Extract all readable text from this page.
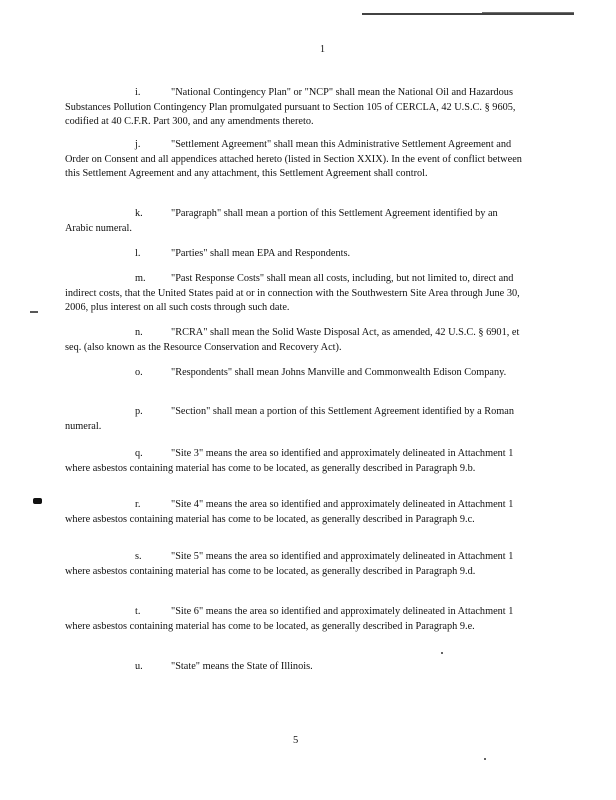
1

i.	"National Contingency Plan" or "NCP" shall mean the National Oil and Hazardous Substances Pollution Contingency Plan promulgated pursuant to Section 105 of CERCLA, 42 U.S.C. § 9605, codified at 40 C.F.R. Part 300, and any amendments thereto.

j.	"Settlement Agreement" shall mean this Administrative Settlement Agreement and Order on Consent and all appendices attached hereto (listed in Section XXIX). In the event of conflict between this Settlement Agreement and any attachment, this Settlement Agreement shall control.

k.	"Paragraph" shall mean a portion of this Settlement Agreement identified by an Arabic numeral.

l.	"Parties" shall mean EPA and Respondents.

m. "Past Response Costs" shall mean all costs, including, but not limited to, direct and indirect costs, that the United States paid at or in connection with the Southwestern Site Area through June 30, 2006, plus interest on all such costs through such date.

n.	"RCRA" shall mean the Solid Waste Disposal Act, as amended, 42 U.S.C. § 6901, et seq. (also known as the Resource Conservation and Recovery Act).

o.	"Respondents" shall mean Johns Manville and Commonwealth Edison Company.

p.	"Section" shall mean a portion of this Settlement Agreement identified by a Roman numeral.

q.	"Site 3" means the area so identified and approximately delineated in Attachment 1 where asbestos containing material has come to be located, as generally described in Paragraph 9.b.

r.	"Site 4" means the area so identified and approximately delineated in Attachment 1 where asbestos containing material has come to be located, as generally described in Paragraph 9.c.

s.	"Site 5" means the area so identified and approximately delineated in Attachment 1 where asbestos containing material has come to be located, as generally described in Paragraph 9.d.

t.	"Site 6" means the area so identified and approximately delineated in Attachment 1 where asbestos containing material has come to be located, as generally described in Paragraph 9.e.

u.	"State" means the State of Illinois.

5
